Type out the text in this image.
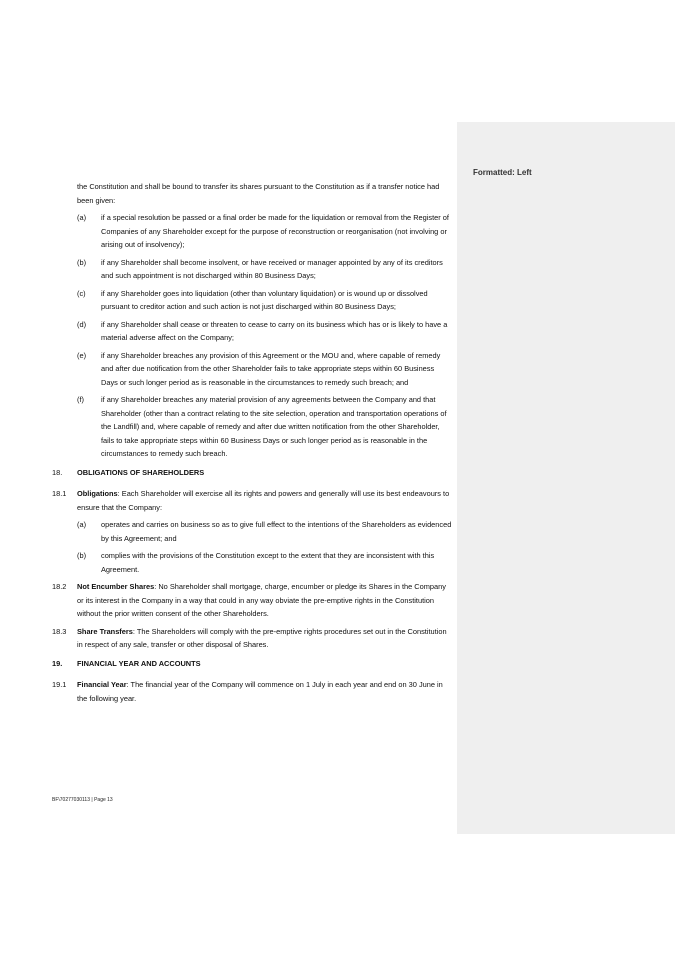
Formatted: Left

the Constitution and shall be bound to transfer its shares pursuant to the Constitution as if a transfer notice had been given:

(a) if a special resolution be passed or a final order be made for the liquidation or removal from the Register of Companies of any Shareholder except for the purpose of reconstruction or reorganisation (not involving or arising out of insolvency);
(b) if any Shareholder shall become insolvent, or have received or manager appointed by any of its creditors and such appointment is not discharged within 80 Business Days;
(c) if any Shareholder goes into liquidation (other than voluntary liquidation) or is wound up or dissolved pursuant to creditor action and such action is not just discharged within 80 Business Days;
(d) if any Shareholder shall cease or threaten to cease to carry on its business which has or is likely to have a material adverse affect on the Company;
(e) if any Shareholder breaches any provision of this Agreement or the MOU and, where capable of remedy and after due notification from the other Shareholder fails to take appropriate steps within 60 Business Days or such longer period as is reasonable in the circumstances to remedy such breach; and
(f) if any Shareholder breaches any material provision of any agreements between the Company and that Shareholder (other than a contract relating to the site selection, operation and transportation operations of the Landfill) and, where capable of remedy and after due written notification from the other Shareholder, fails to take appropriate steps within 60 Business Days or such longer period as is reasonable in the circumstances to remedy such breach.
18. OBLIGATIONS OF SHAREHOLDERS
18.1 Obligations: Each Shareholder will exercise all its rights and powers and generally will use its best endeavours to ensure that the Company:
(a) operates and carries on business so as to give full effect to the intentions of the Shareholders as evidenced by this Agreement; and
(b) complies with the provisions of the Constitution except to the extent that they are inconsistent with this Agreement.
18.2 Not Encumber Shares: No Shareholder shall mortgage, charge, encumber or pledge its Shares in the Company or its interest in the Company in a way that could in any way obviate the pre-emptive rights in the Constitution without the prior written consent of the other Shareholders.
18.3 Share Transfers: The Shareholders will comply with the pre-emptive rights procedures set out in the Constitution in respect of any sale, transfer or other disposal of Shares.
19. FINANCIAL YEAR AND ACCOUNTS
19.1 Financial Year: The financial year of the Company will commence on 1 July in each year and end on 30 June in the following year.
BF\70277030113 | Page 13
